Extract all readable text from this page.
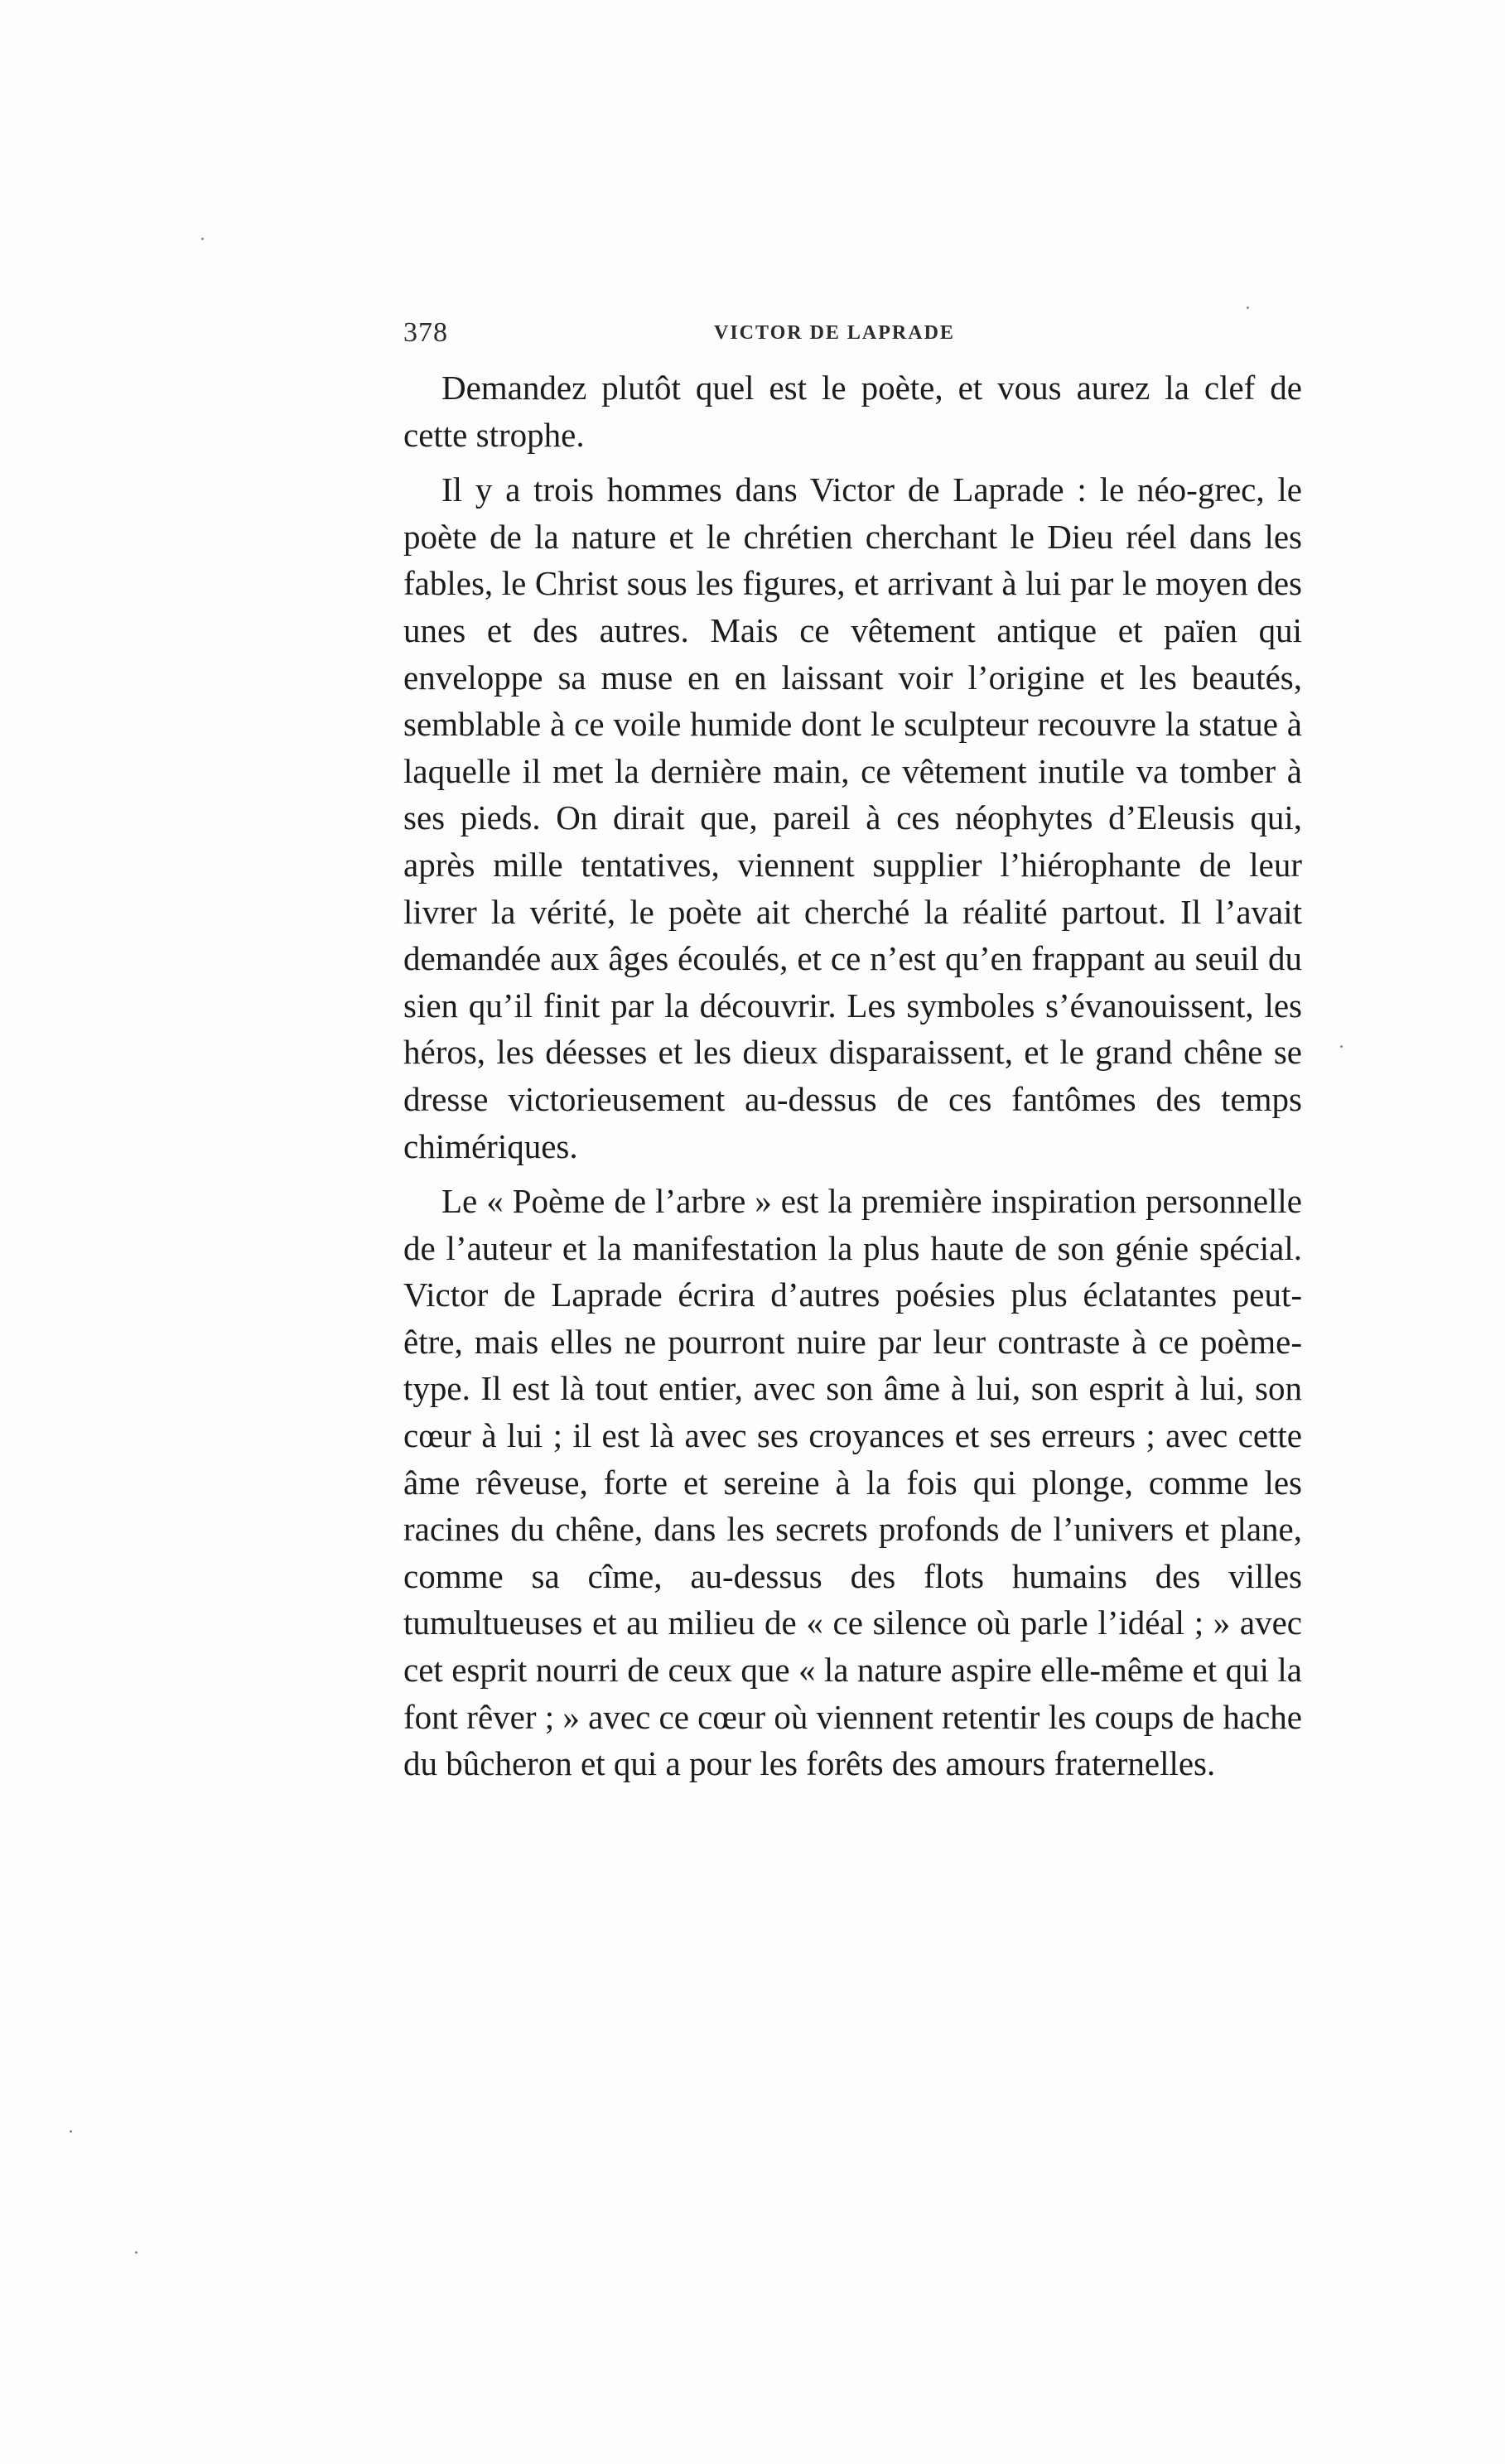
378	VICTOR DE LAPRADE

Demandez plutôt quel est le poète, et vous aurez la clef de cette strophe.

Il y a trois hommes dans Victor de Laprade : le néo-grec, le poète de la nature et le chrétien cherchant le Dieu réel dans les fables, le Christ sous les figures, et arrivant à lui par le moyen des unes et des autres. Mais ce vêtement antique et païen qui enveloppe sa muse en en laissant voir l’origine et les beautés, semblable à ce voile humide dont le sculpteur recouvre la statue à laquelle il met la dernière main, ce vêtement inutile va tomber à ses pieds. On dirait que, pareil à ces néophytes d’Eleusis qui, après mille tentatives, viennent supplier l’hiérophante de leur livrer la vérité, le poète ait cherché la réalité partout. Il l’avait demandée aux âges écoulés, et ce n’est qu’en frappant au seuil du sien qu’il finit par la découvrir. Les symboles s’évanouissent, les héros, les déesses et les dieux disparaissent, et le grand chêne se dresse victorieusement au-dessus de ces fantômes des temps chimériques.

Le « Poème de l’arbre » est la première inspiration personnelle de l’auteur et la manifestation la plus haute de son génie spécial. Victor de Laprade écrira d’autres poésies plus éclatantes peut-être, mais elles ne pourront nuire par leur contraste à ce poème-type. Il est là tout entier, avec son âme à lui, son esprit à lui, son cœur à lui ; il est là avec ses croyances et ses erreurs ; avec cette âme rêveuse, forte et sereine à la fois qui plonge, comme les racines du chêne, dans les secrets profonds de l’univers et plane, comme sa cîme, au-dessus des flots humains des villes tumultueuses et au milieu de « ce silence où parle l’idéal ; » avec cet esprit nourri de ceux que « la nature aspire elle-même et qui la font rêver ; » avec ce cœur où viennent retentir les coups de hache du bûcheron et qui a pour les forêts des amours fraternelles.
